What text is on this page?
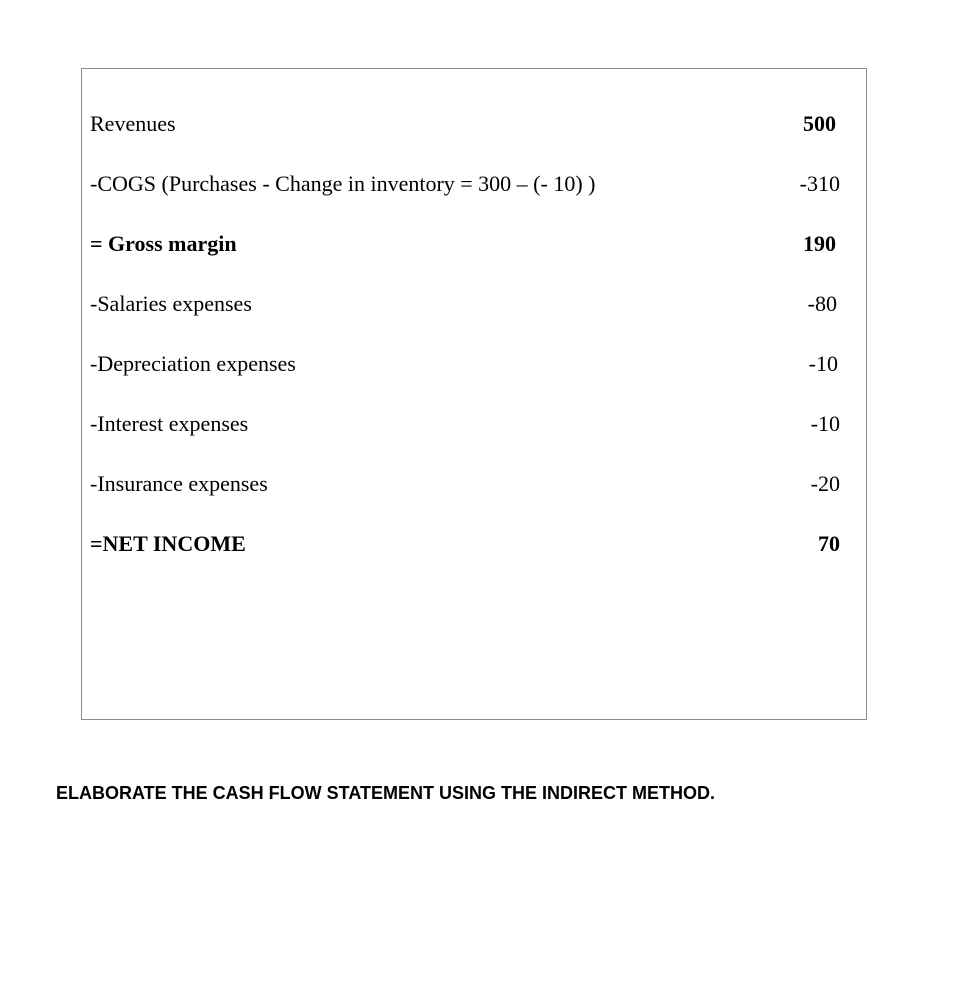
Revenues	500
-COGS (Purchases - Change in inventory = 300 – (- 10) )	-310
= Gross margin	190
-Salaries expenses	-80
-Depreciation expenses	-10
-Interest expenses	-10
-Insurance expenses	-20
=NET INCOME	70
ELABORATE THE CASH FLOW STATEMENT USING THE INDIRECT METHOD.
